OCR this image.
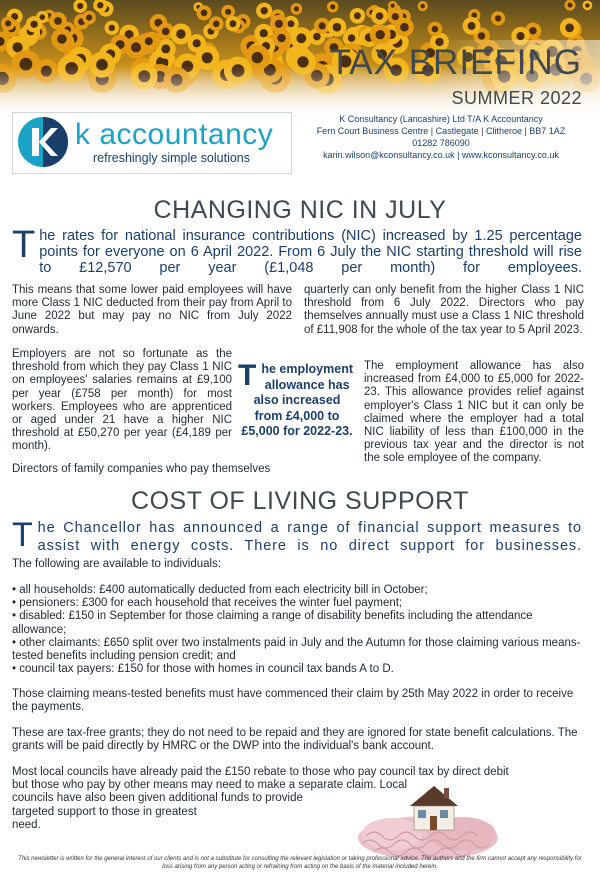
TAX BRIEFING
SUMMER 2022
k accountancy
refreshingly simple solutions
K Consultancy (Lancashire) Ltd T/A K Accountancy
Fern Court Business Centre | Castlegate | Clitheroe | BB7 1AZ
01282 786090
karin.wilson@kconsultancy.co.uk | www.kconsultancy.co.uk
CHANGING NIC IN JULY
The rates for national insurance contributions (NIC) increased by 1.25 percentage points for everyone on 6 April 2022. From 6 July the NIC starting threshold will rise to £12,570 per year (£1,048 per month) for employees.
This means that some lower paid employees will have more Class 1 NIC deducted from their pay from April to June 2022 but may pay no NIC from July 2022 onwards.
Employers are not so fortunate as the threshold from which they pay Class 1 NIC on employees' salaries remains at £9,100 per year (£758 per month) for most workers. Employees who are apprenticed or aged under 21 have a higher NIC threshold at £50,270 per year (£4,189 per month).
Directors of family companies who pay themselves
quarterly can only benefit from the higher Class 1 NIC threshold from 6 July 2022. Directors who pay themselves annually must use a Class 1 NIC threshold of £11,908 for the whole of the tax year to 5 April 2023.
The employment allowance has also increased from £4,000 to £5,000 for 2022-23. This allowance provides relief against employer's Class 1 NIC but it can only be claimed where the employer had a total NIC liability of less than £100,000 in the previous tax year and the director is not the sole employee of the company.
The employment allowance has also increased from £4,000 to £5,000 for 2022-23.
COST OF LIVING SUPPORT
The Chancellor has announced a range of financial support measures to assist with energy costs. There is no direct support for businesses.
The following are available to individuals:
• all households: £400 automatically deducted from each electricity bill in October;
• pensioners: £300 for each household that receives the winter fuel payment;
• disabled: £150 in September for those claiming a range of disability benefits including the attendance allowance;
• other claimants: £650 split over two instalments paid in July and the Autumn for those claiming various means-tested benefits including pension credit; and
• council tax payers: £150 for those with homes in council tax bands A to D.
Those claiming means-tested benefits must have commenced their claim by 25th May 2022 in order to receive the payments.
These are tax-free grants; they do not need to be repaid and they are ignored for state benefit calculations. The grants will be paid directly by HMRC or the DWP into the individual's bank account.
Most local councils have already paid the £150 rebate to those who pay council tax by direct debit
but those who pay by other means may need to make a separate claim. Local
councils have also been given additional funds to provide
targeted support to those in greatest
need.
This newsletter is written for the general interest of our clients and is not a substitute for consulting the relevant legislation or taking professional advice. The authors and the firm cannot accept any responsibility for loss arising from any person acting or refraining from acting on the basis of the material included herein.
